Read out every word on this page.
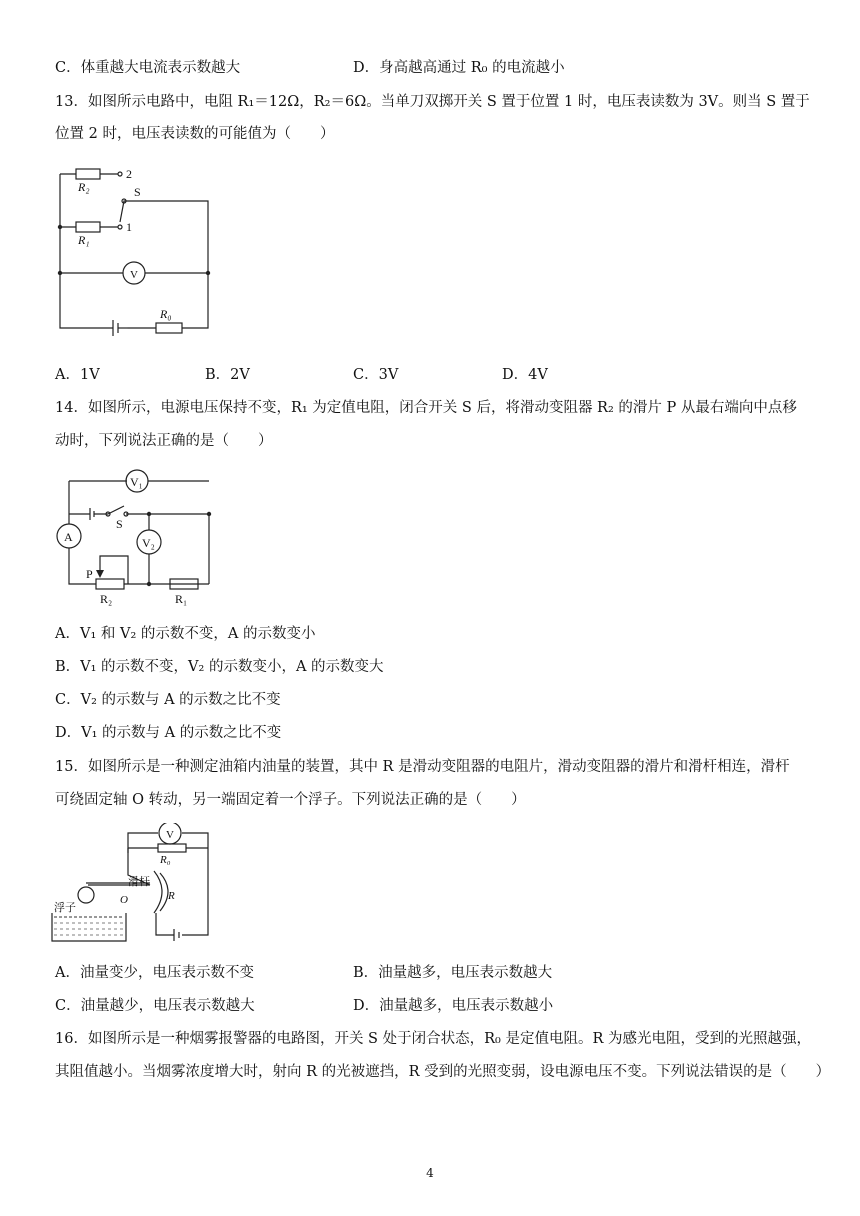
C．体重越大电流表示数越大	D．身高越高通过 R₀ 的电流越小
13．如图所示电路中，电阻 R₁＝12Ω，R₂＝6Ω。当单刀双掷开关 S 置于位置 1 时，电压表读数为 3V。则当 S 置于
位置 2 时，电压表读数的可能值为（　　）
R₂
R₁
R₀
V
S
2
1
A．1V	B．2V	C．3V	D．4V
14．如图所示，电源电压保持不变，R₁ 为定值电阻，闭合开关 S 后，将滑动变阻器 R₂ 的滑片 P 从最右端向中点移
动时，下列说法正确的是（　　）
V₁
V₂
A
S
P
R₂	R₁
A．V₁ 和 V₂ 的示数不变，A 的示数变小
B．V₁ 的示数不变，V₂ 的示数变小，A 的示数变大
C．V₂ 的示数与 A 的示数之比不变
D．V₁ 的示数与 A 的示数之比不变
15．如图所示是一种测定油箱内油量的装置，其中 R 是滑动变阻器的电阻片，滑动变阻器的滑片和滑杆相连，滑杆
可绕固定轴 O 转动，另一端固定着一个浮子。下列说法正确的是（　　）
V
R₀
滑杆
R
O
浮子
A．油量变少，电压表示数不变	B．油量越多，电压表示数越大
C．油量越少，电压表示数越大	D．油量越多，电压表示数越小
16．如图所示是一种烟雾报警器的电路图，开关 S 处于闭合状态，R₀ 是定值电阻。R 为感光电阻，受到的光照越强，
其阻值越小。当烟雾浓度增大时，射向 R 的光被遮挡，R 受到的光照变弱，设电源电压不变。下列说法错误的是（　　）
4
